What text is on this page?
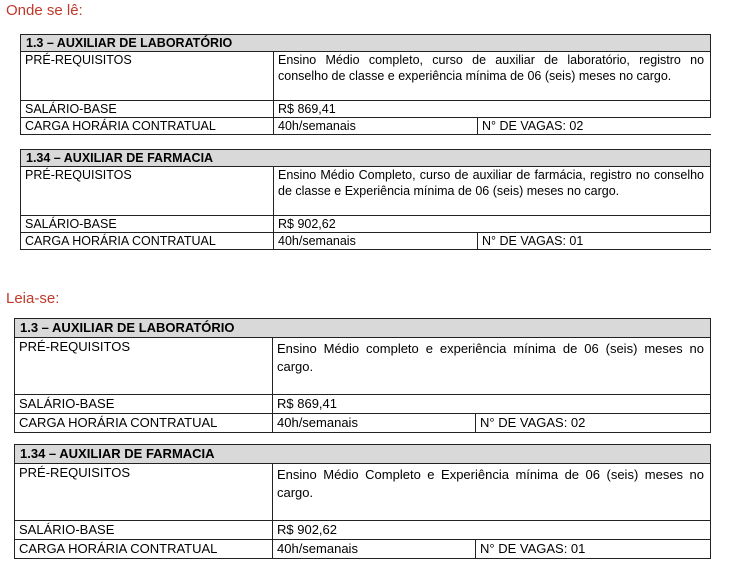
Onde se lê:
1.3 – AUXILIAR DE LABORATÓRIO		
PRÉ-REQUISITOS	Ensino Médio completo, curso de auxiliar de laboratório, registro no conselho de classe e experiência mínima de 06 (seis) meses no cargo.	
SALÁRIO-BASE	R$ 869,41	
CARGA HORÁRIA CONTRATUAL	40h/semanais	N° DE VAGAS: 02
1.34 – AUXILIAR DE FARMACIA		
PRÉ-REQUISITOS	Ensino Médio Completo, curso de auxiliar de farmácia, registro no conselho de classe e Experiência mínima de 06 (seis) meses no cargo.	
SALÁRIO-BASE	R$ 902,62	
CARGA HORÁRIA CONTRATUAL	40h/semanais	N° DE VAGAS: 01
Leia-se:
1.3 – AUXILIAR DE LABORATÓRIO		
PRÉ-REQUISITOS	Ensino Médio completo e experiência mínima de 06 (seis) meses no cargo.	
SALÁRIO-BASE	R$ 869,41	
CARGA HORÁRIA CONTRATUAL	40h/semanais	N° DE VAGAS: 02
1.34 – AUXILIAR DE FARMACIA		
PRÉ-REQUISITOS	Ensino Médio Completo e Experiência mínima de 06 (seis) meses no cargo.	
SALÁRIO-BASE	R$ 902,62	
CARGA HORÁRIA CONTRATUAL	40h/semanais	N° DE VAGAS: 01
